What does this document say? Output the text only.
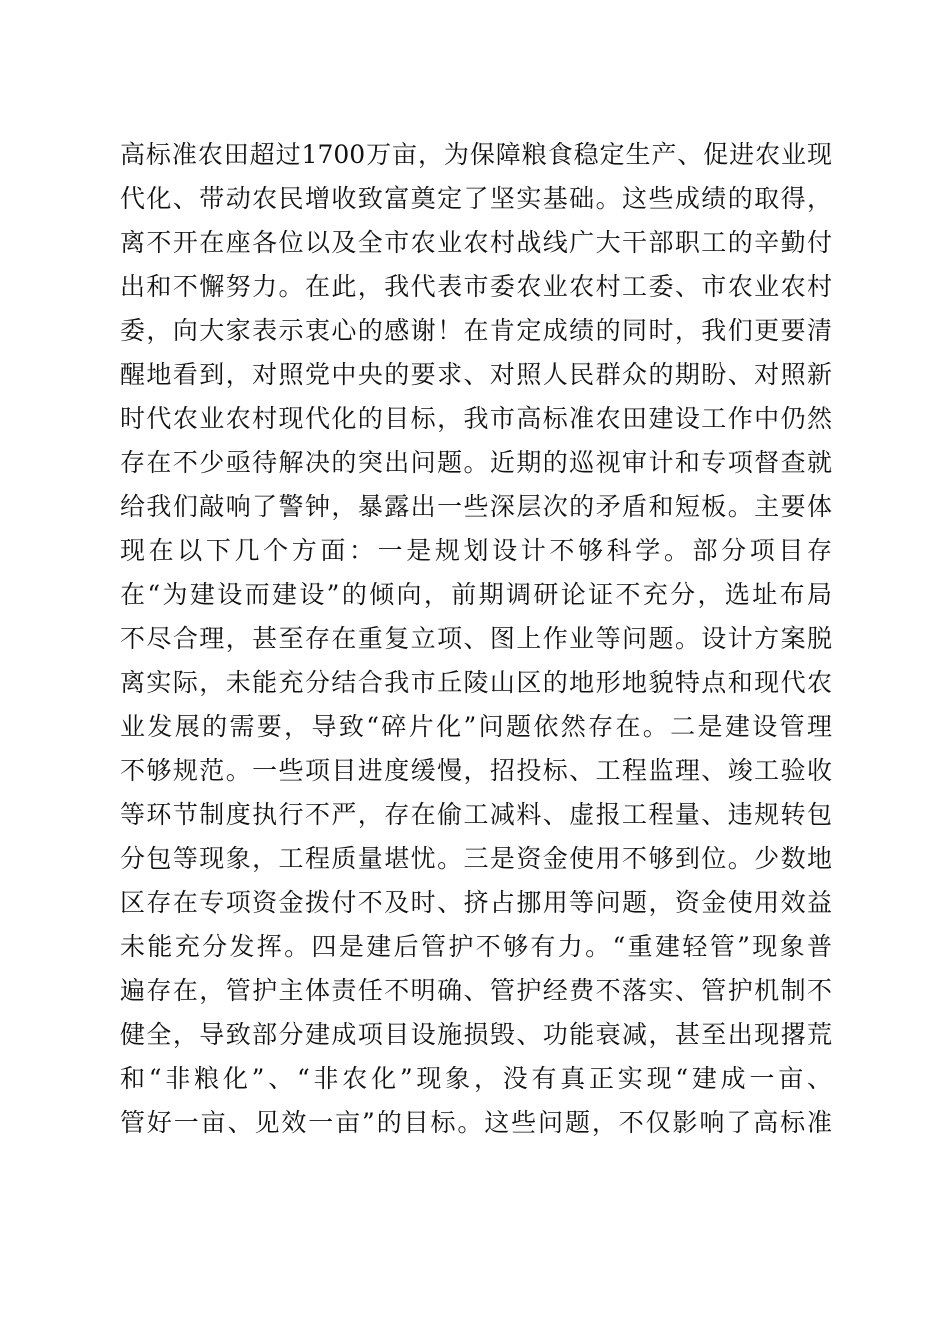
高标准农田超过1700万亩，为保障粮食稳定生产、促进农业现
代化、带动农民增收致富奠定了坚实基础。这些成绩的取得，
离不开在座各位以及全市农业农村战线广大干部职工的辛勤付
出和不懈努力。在此，我代表市委农业农村工委、市农业农村
委，向大家表示衷心的感谢！在肯定成绩的同时，我们更要清
醒地看到，对照党中央的要求、对照人民群众的期盼、对照新
时代农业农村现代化的目标，我市高标准农田建设工作中仍然
存在不少亟待解决的突出问题。近期的巡视审计和专项督查就
给我们敲响了警钟，暴露出一些深层次的矛盾和短板。主要体
现在以下几个方面：一是规划设计不够科学。部分项目存
在“为建设而建设”的倾向，前期调研论证不充分，选址布局
不尽合理，甚至存在重复立项、图上作业等问题。设计方案脱
离实际，未能充分结合我市丘陵山区的地形地貌特点和现代农
业发展的需要，导致“碎片化”问题依然存在。二是建设管理
不够规范。一些项目进度缓慢，招投标、工程监理、竣工验收
等环节制度执行不严，存在偷工减料、虚报工程量、违规转包
分包等现象，工程质量堪忧。三是资金使用不够到位。少数地
区存在专项资金拨付不及时、挤占挪用等问题，资金使用效益
未能充分发挥。四是建后管护不够有力。“重建轻管”现象普
遍存在，管护主体责任不明确、管护经费不落实、管护机制不
健全，导致部分建成项目设施损毁、功能衰减，甚至出现撂荒
和“非粮化”、“非农化”现象，没有真正实现“建成一亩、
管好一亩、见效一亩”的目标。这些问题，不仅影响了高标准
